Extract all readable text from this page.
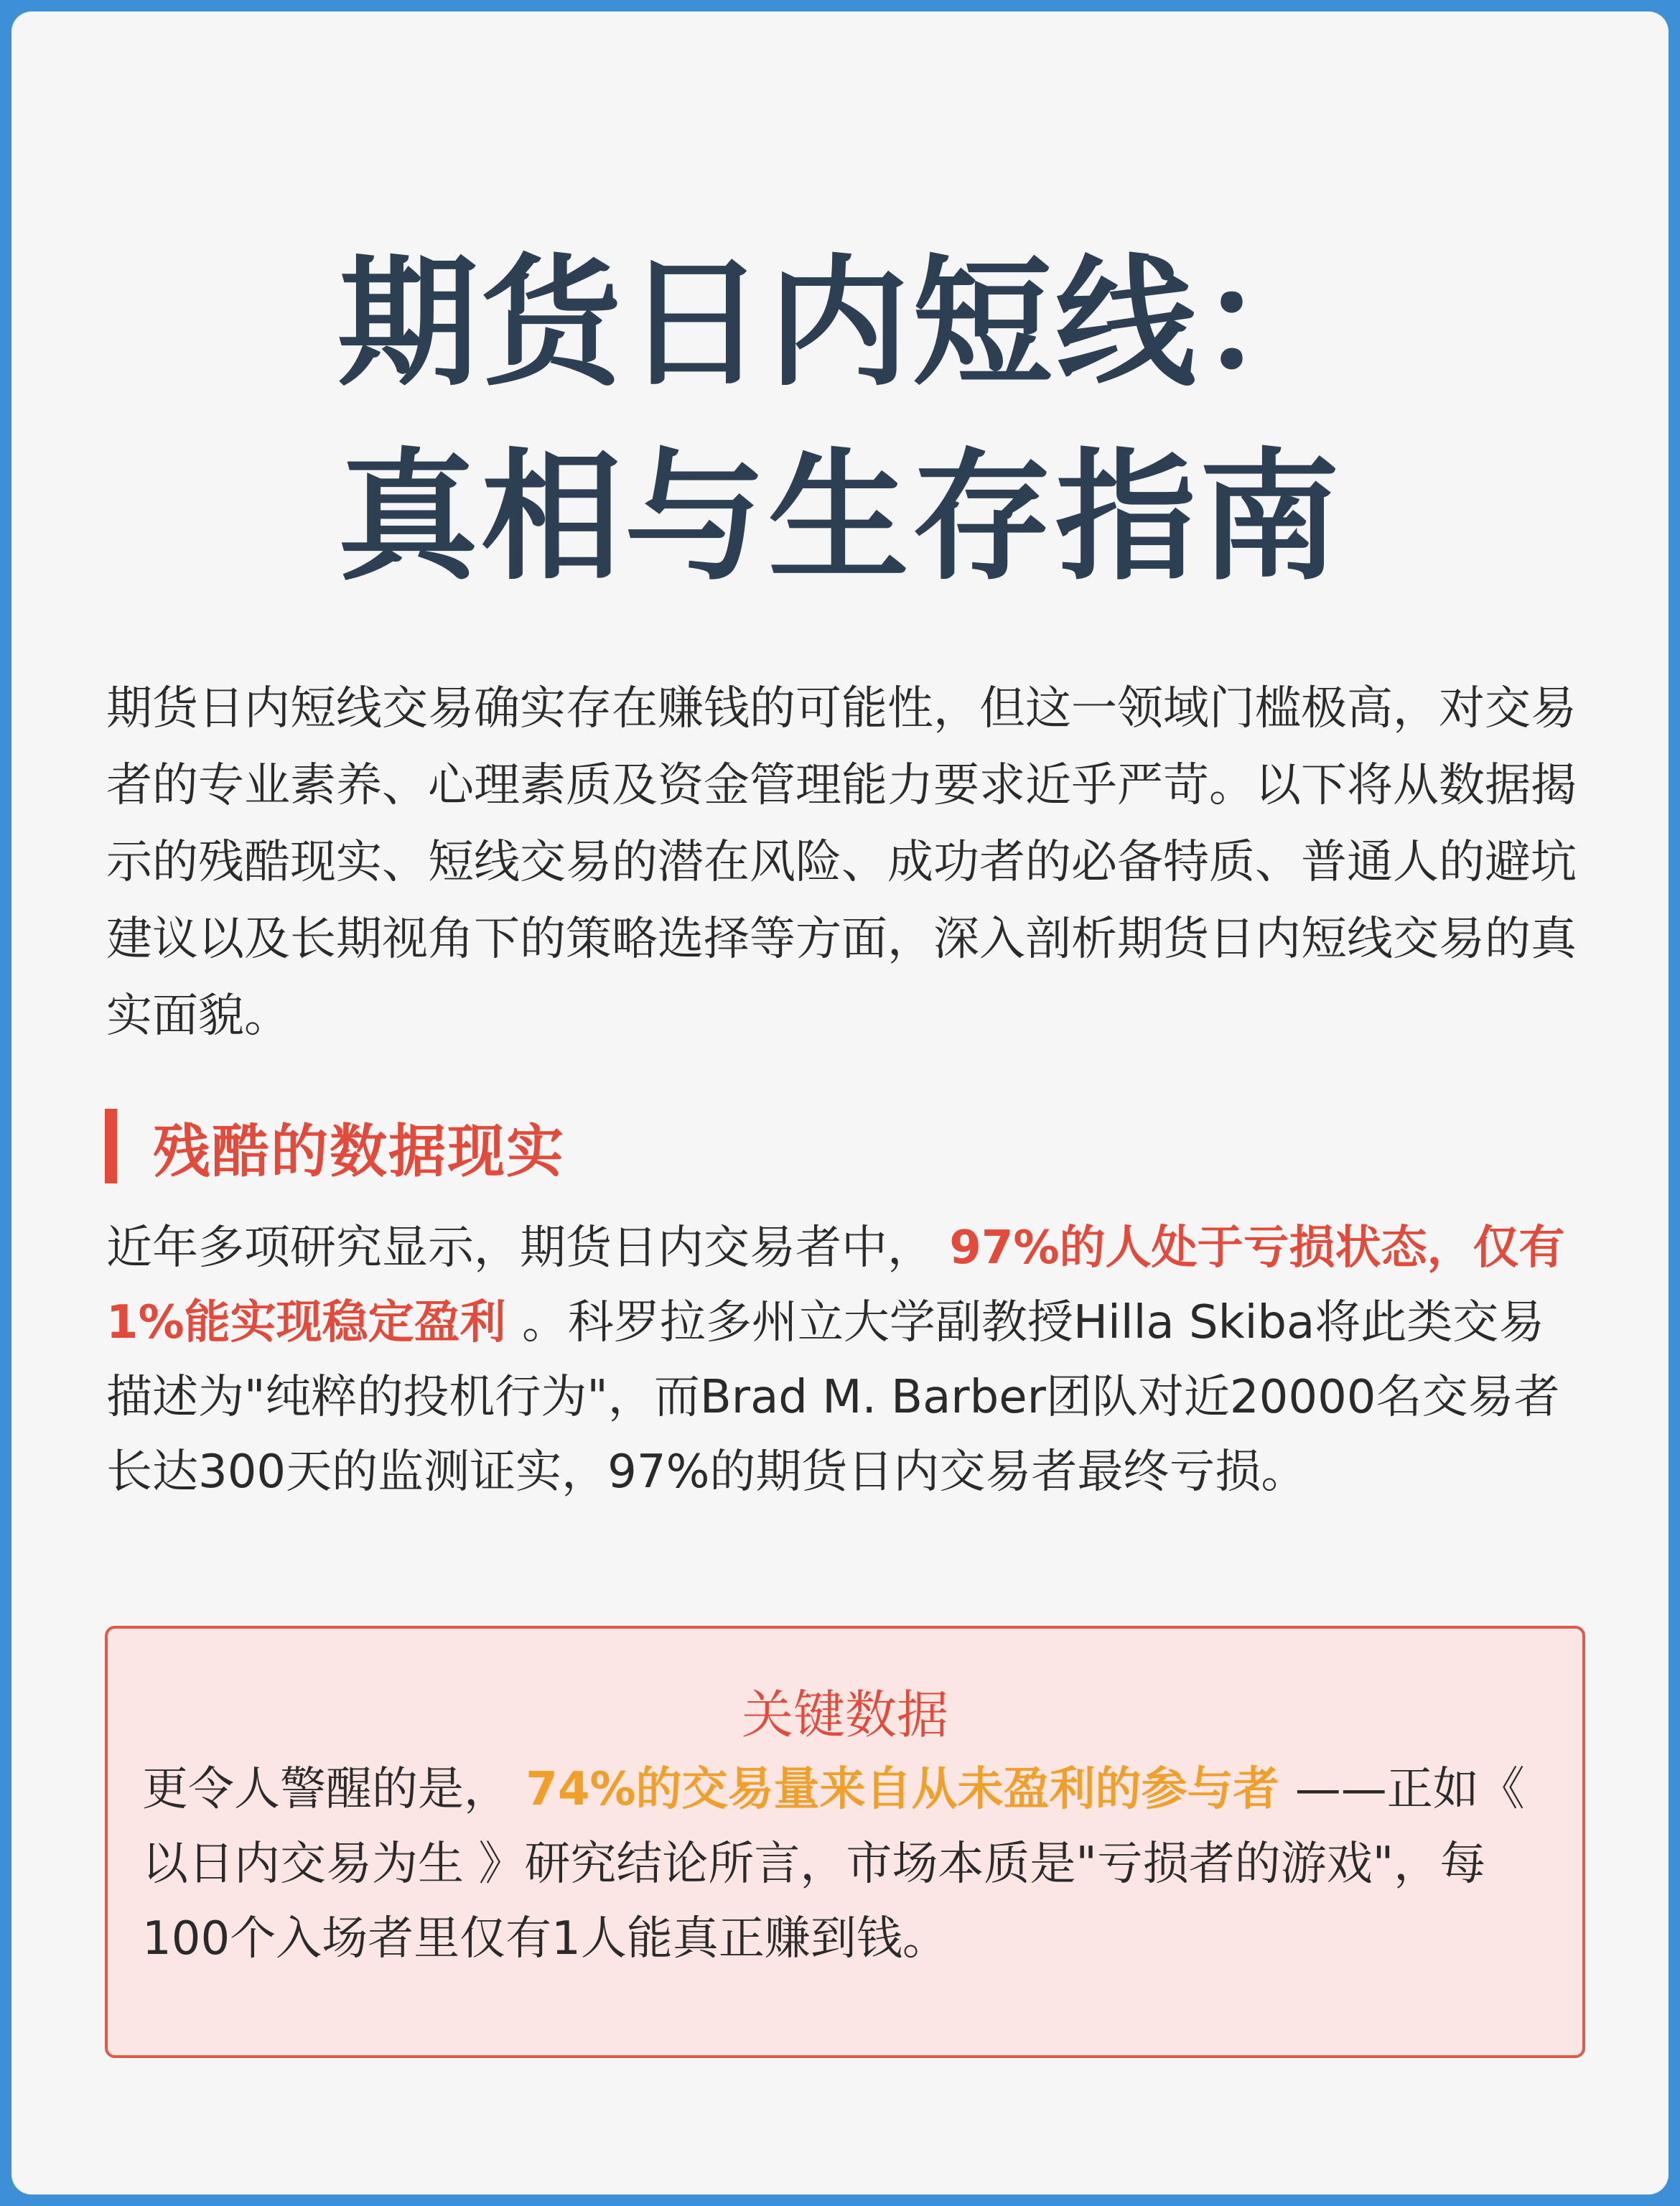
期货日内短线：
真相与生存指南

期货日内短线交易确实存在赚钱的可能性，但这一领域门槛极高，对交易者的专业素养、心理素质及资金管理能力要求近乎严苛。以下将从数据揭示的残酷现实、短线交易的潜在风险、成功者的必备特质、普通人的避坑建议以及长期视角下的策略选择等方面，深入剖析期货日内短线交易的真实面貌。

残酷的数据现实

近年多项研究显示，期货日内交易者中， 97%的人处于亏损状态，仅有1%能实现稳定盈利 。科罗拉多州立大学副教授Hilla Skiba将此类交易描述为"纯粹的投机行为"，而Brad M. Barber团队对近20000名交易者长达300天的监测证实，97%的期货日内交易者最终亏损。

关键数据

更令人警醒的是， 74%的交易量来自从未盈利的参与者 ——正如《 以日内交易为生 》研究结论所言，市场本质是"亏损者的游戏"，每100个入场者里仅有1人能真正赚到钱。
